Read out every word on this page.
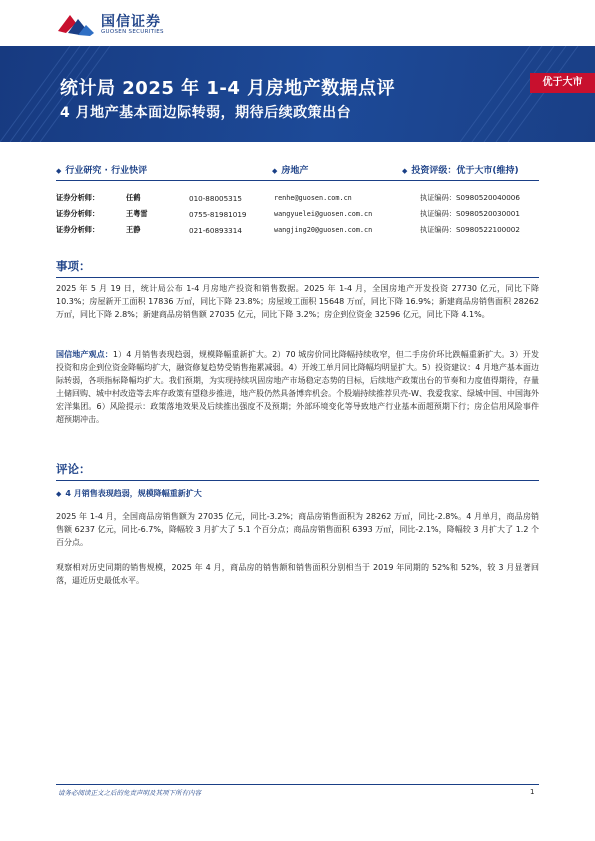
国信证券
GUOSEN SECURITIES
统计局 2025 年 1-4 月房地产数据点评
4 月地产基本面边际转弱，期待后续政策出台
优于大市
◆ 行业研究 · 行业快评	◆ 房地产	◆ 投资评级：优于大市(维持)
证券分析师：	任鹤	010-88005315	renhe@guosen.com.cn	执证编码：S0980520040006
证券分析师：	王粤雷	0755-81981019	wangyuelei@guosen.com.cn	执证编码：S0980520030001
证券分析师：	王静	021-60893314	wangjing20@guosen.com.cn	执证编码：S0980522100002
事项：
2025 年 5 月 19 日，统计局公布 1-4 月房地产投资和销售数据。2025 年 1-4 月，全国房地产开发投资 27730 亿元，同比下降 10.3%；房屋新开工面积 17836 万㎡，同比下降 23.8%；房屋竣工面积 15648 万㎡，同比下降 16.9%；新建商品房销售面积 28262 万㎡，同比下降 2.8%；新建商品房销售额 27035 亿元，同比下降 3.2%；房企到位资金 32596 亿元，同比下降 4.1%。
国信地产观点：1）4 月销售表现趋弱，规模降幅重新扩大。2）70 城房价同比降幅持续收窄，但二手房价环比跌幅重新扩大。3）开发投资和房企到位资金降幅均扩大，融资修复趋势受销售拖累减弱。4）开竣工单月同比降幅均明显扩大。5）投资建议：4 月地产基本面边际转弱，各项指标降幅均扩大。我们预期，为实现持续巩固房地产市场稳定态势的目标，后续地产政策出台的节奏和力度值得期待，存量土储回购、城中村改造等去库存政策有望稳步推进，地产股仍然具备博弈机会。个股端持续推荐贝壳-W、我爱我家、绿城中国、中国海外宏洋集团。6）风险提示：政策落地效果及后续推出强度不及预期；外部环境变化等导致地产行业基本面超预期下行；房企信用风险事件超预期冲击。
评论：
◆ 4 月销售表现趋弱，规模降幅重新扩大
2025 年 1-4 月，全国商品房销售额为 27035 亿元，同比-3.2%；商品房销售面积为 28262 万㎡，同比-2.8%。4 月单月，商品房销售额 6237 亿元，同比-6.7%，降幅较 3 月扩大了 5.1 个百分点；商品房销售面积 6393 万㎡，同比-2.1%，降幅较 3 月扩大了 1.2 个百分点。
观察相对历史同期的销售规模，2025 年 4 月，商品房的销售额和销售面积分别相当于 2019 年同期的 52%和 52%，较 3 月显著回落，逼近历史最低水平。
请务必阅读正文之后的免责声明及其项下所有内容	1
